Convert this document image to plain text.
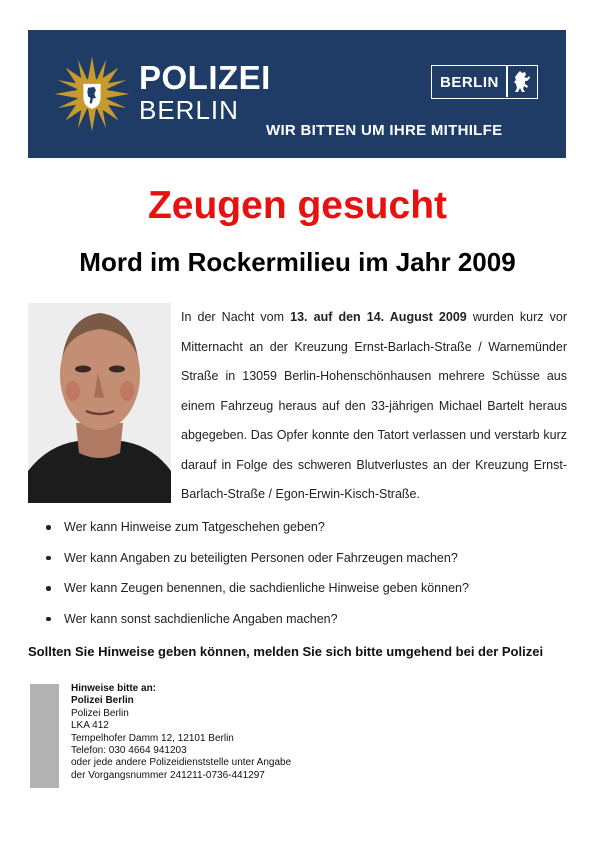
POLIZEI
BERLIN
BERLIN
WIR BITTEN UM IHRE MITHILFE
Zeugen gesucht
Mord im Rockermilieu im Jahr 2009
In der Nacht vom 13. auf den 14. August 2009 wurden kurz vor Mitternacht an der Kreuzung Ernst-Barlach-Straße / Warnemünder Straße in 13059 Berlin-Hohenschönhausen mehrere Schüsse aus einem Fahrzeug heraus auf den 33-jährigen Michael Bartelt heraus abgegeben. Das Opfer konnte den Tatort verlassen und verstarb kurz darauf in Folge des schweren Blutverlustes an der Kreuzung Ernst-Barlach-Straße / Egon-Erwin-Kisch-Straße.
Wer kann Hinweise zum Tatgeschehen geben?
Wer kann Angaben zu beteiligten Personen oder Fahrzeugen machen?
Wer kann Zeugen benennen, die sachdienliche Hinweise geben können?
Wer kann sonst sachdienliche Angaben machen?
Sollten Sie Hinweise geben können, melden Sie sich bitte umgehend bei der Polizei
Hinweise bitte an:
Polizei Berlin
Polizei Berlin
LKA 412
Tempelhofer Damm 12, 12101 Berlin
Telefon: 030 4664 941203
oder jede andere Polizeidienststelle unter Angabe
der Vorgangsnummer 241211-0736-441297
